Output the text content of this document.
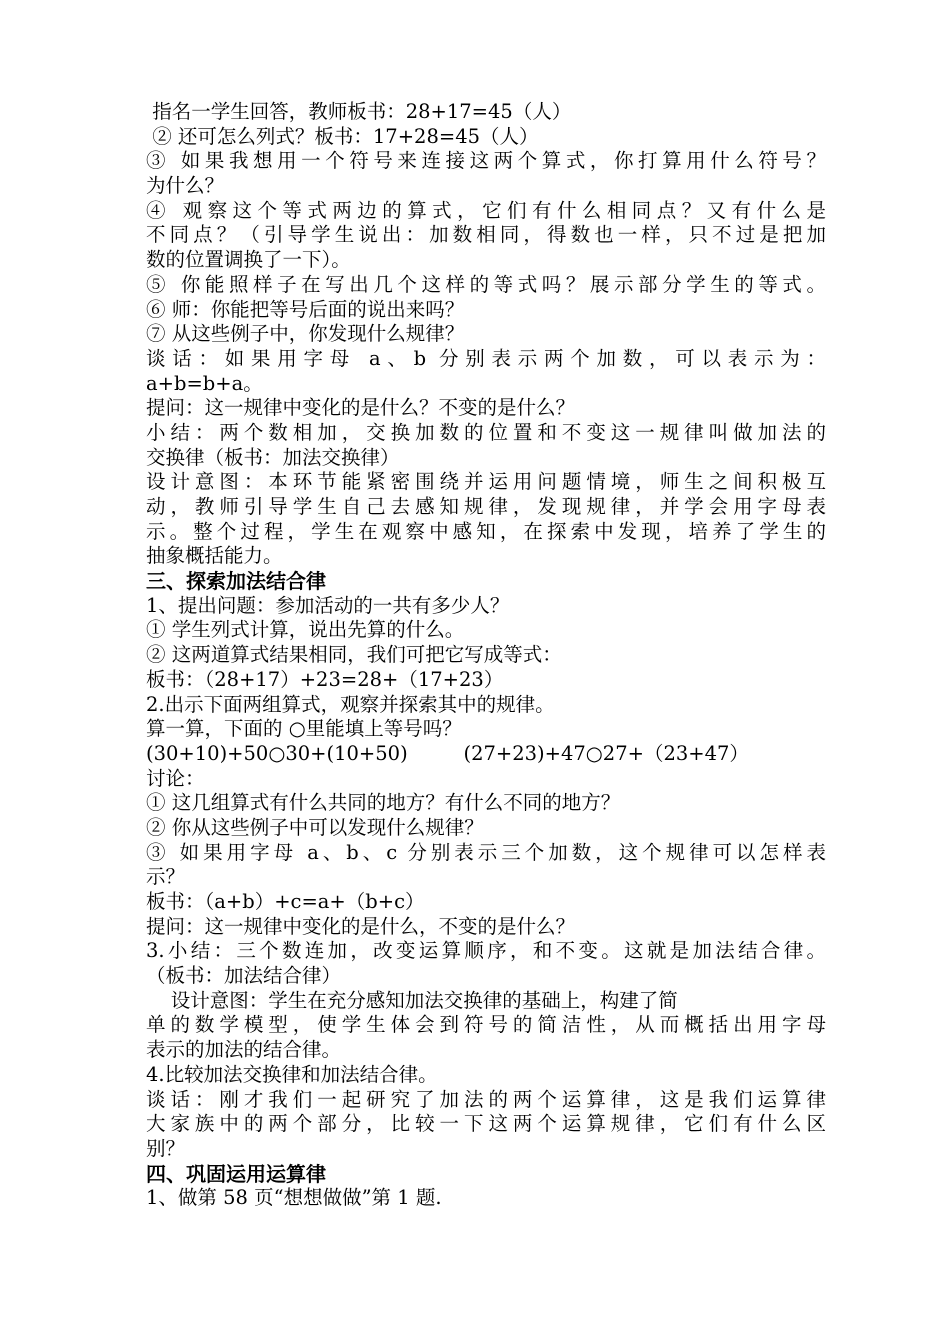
指名一学生回答，教师板书：28+17=45（人）
② 还可怎么列式？板书：17+28=45（人）
③ 如果我想用一个符号来连接这两个算式，你打算用什么符号？
为什么？
④ 观察这个等式两边的算式，它们有什么相同点？又有什么是
不同点？（引导学生说出：加数相同，得数也一样，只不过是把加
数的位置调换了一下）。
⑤ 你能照样子在写出几个这样的等式吗？展示部分学生的等式。
⑥ 师：你能把等号后面的说出来吗？
⑦ 从这些例子中，你发现什么规律？
谈话：如果用字母 a、b 分别表示两个加数，可以表示为：
a+b=b+a。
提问：这一规律中变化的是什么？不变的是什么？
小结：两个数相加，交换加数的位置和不变这一规律叫做加法的
交换律（板书：加法交换律）
设计意图：本环节能紧密围绕并运用问题情境，师生之间积极互
动，教师引导学生自己去感知规律，发现规律，并学会用字母表
示。整个过程，学生在观察中感知，在探索中发现，培养了学生的
抽象概括能力。
三、探索加法结合律
1、提出问题：参加活动的一共有多少人？
① 学生列式计算，说出先算的什么。
② 这两道算式结果相同，我们可把它写成等式：
板书：（28+17）+23=28+（17+23）
2.出示下面两组算式，观察并探索其中的规律。
算一算，下面的 ○里能填上等号吗？
(30+10)+50○30+(10+50)         (27+23)+47○27+（23+47）
讨论：
① 这几组算式有什么共同的地方？有什么不同的地方？
② 你从这些例子中可以发现什么规律？
③ 如果用字母 a、b、c 分别表示三个加数，这个规律可以怎样表
示？
板书：（a+b）+c=a+（b+c）
提问：这一规律中变化的是什么，不变的是什么？
3.小结：三个数连加，改变运算顺序，和不变。这就是加法结合律。
（板书：加法结合律）
设计意图：学生在充分感知加法交换律的基础上，构建了简
单的数学模型，使学生体会到符号的简洁性，从而概括出用字母
表示的加法的结合律。
4.比较加法交换律和加法结合律。
谈话：刚才我们一起研究了加法的两个运算律，这是我们运算律
大家族中的两个部分，比较一下这两个运算规律，它们有什么区
别？
四、巩固运用运算律
1、做第 58 页“想想做做”第 1 题.
